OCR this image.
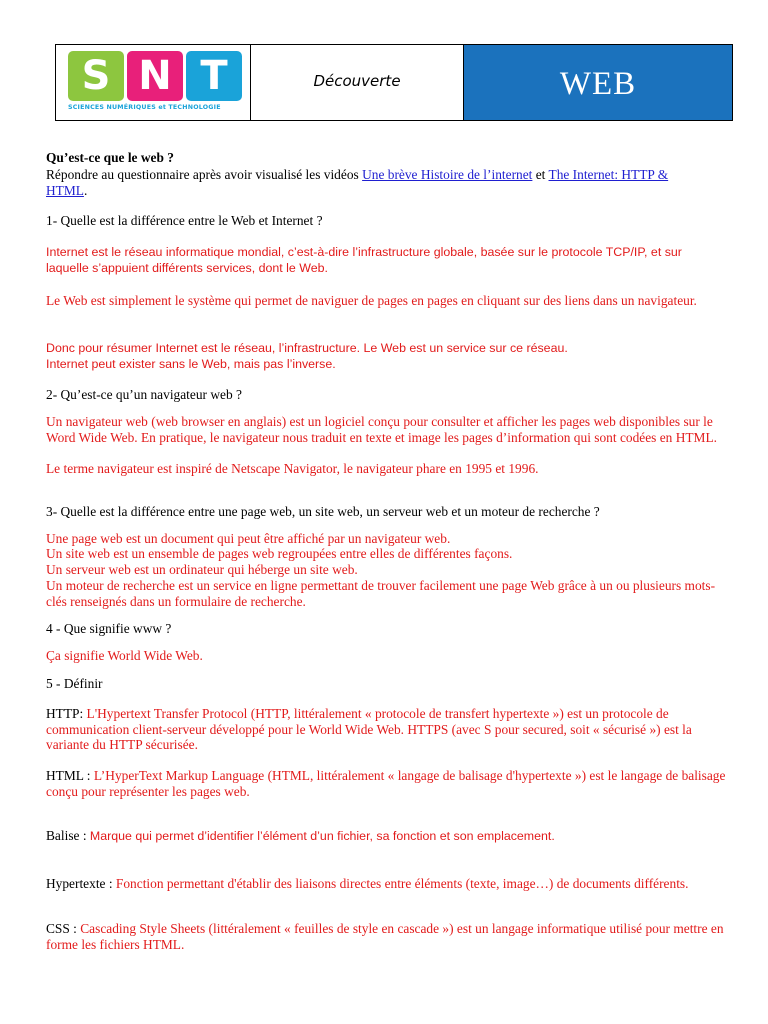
S N T
SCIENCES NUMÉRIQUES et TECHNOLOGIE
Découverte	WEB

Qu’est-ce que le web ?

Répondre au questionnaire après avoir visualisé les vidéos Une brève Histoire de l’internet et The Internet: HTTP &
HTML.

1- Quelle est la différence entre le Web et Internet ?

Internet est le réseau informatique mondial, c’est-à-dire l’infrastructure globale, basée sur le protocole TCP/IP, et sur laquelle s’appuient différents services, dont le Web.

Le Web est simplement le système qui permet de naviguer de pages en pages en cliquant sur des liens dans un navigateur.

Donc pour résumer Internet est le réseau, l’infrastructure. Le Web est un service sur ce réseau.
Internet peut exister sans le Web, mais pas l’inverse.

2- Qu’est-ce qu’un navigateur web ?

Un navigateur web (web browser en anglais) est un logiciel conçu pour consulter et afficher les pages web disponibles sur le Word Wide Web. En pratique, le navigateur nous traduit en texte et image les pages d’information qui sont codées en HTML.

Le terme navigateur est inspiré de Netscape Navigator, le navigateur phare en 1995 et 1996.

3- Quelle est la différence entre une page web, un site web, un serveur web et un moteur de recherche ?

Une page web est un document qui peut être affiché par un navigateur web.

Un site web est un ensemble de pages web regroupées entre elles de différentes façons.

Un serveur web est un ordinateur qui héberge un site web.

Un moteur de recherche est un service en ligne permettant de trouver facilement une page Web grâce à un ou plusieurs mots-clés renseignés dans un formulaire de recherche.

4 - Que signifie www ?

Ça signifie World Wide Web.

5 - Définir

HTTP: L'Hypertext Transfer Protocol (HTTP, littéralement « protocole de transfert hypertexte ») est un protocole de communication client-serveur développé pour le World Wide Web. HTTPS (avec S pour secured, soit « sécurisé ») est la variante du HTTP sécurisée.

HTML : L’HyperText Markup Language (HTML, littéralement « langage de balisage d'hypertexte ») est le langage de balisage conçu pour représenter les pages web.

Balise : Marque qui permet d’identifier l’élément d’un fichier, sa fonction et son emplacement.

Hypertexte : Fonction permettant d'établir des liaisons directes entre éléments (texte, image…) de documents différents.

CSS : Cascading Style Sheets (littéralement « feuilles de style en cascade ») est un langage informatique utilisé pour mettre en forme les fichiers HTML.
